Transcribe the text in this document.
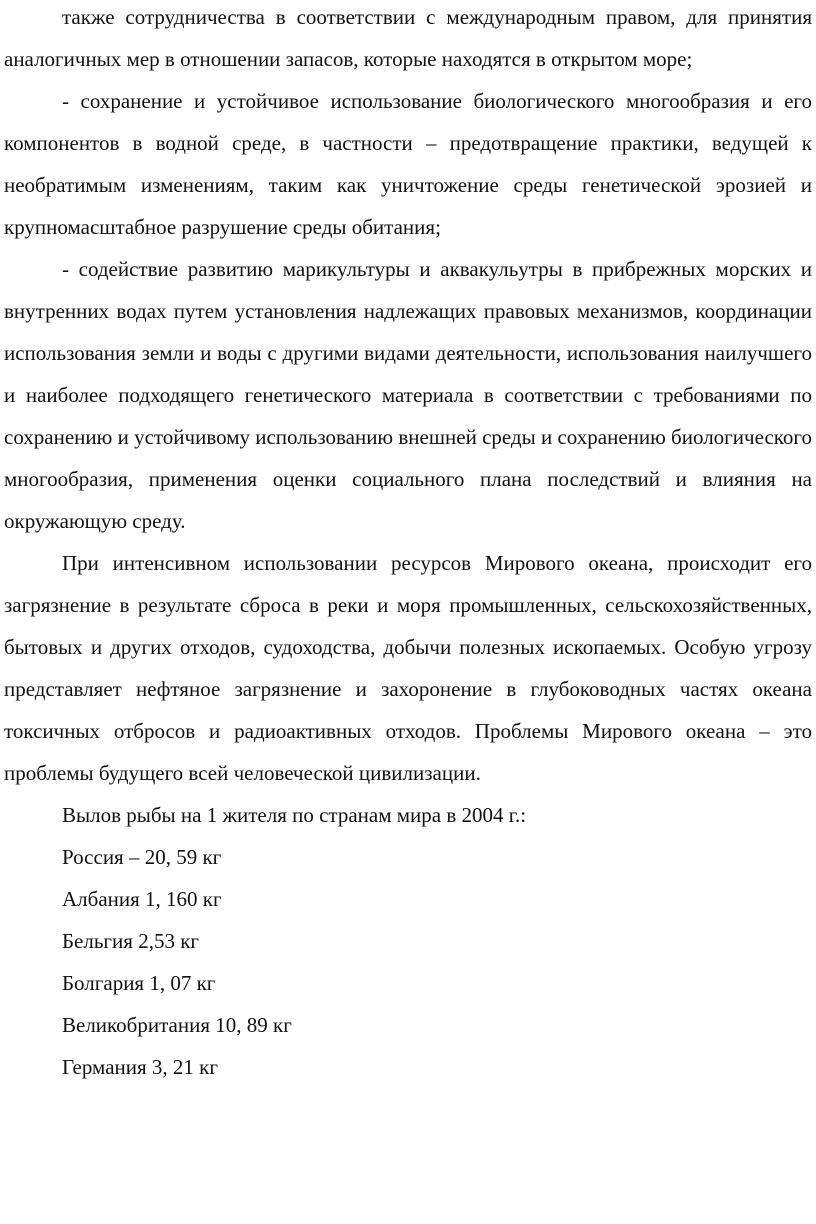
также сотрудничества в соответствии с международным правом, для принятия аналогичных мер в отношении запасов, которые находятся в открытом море;

- сохранение и устойчивое использование биологического многообразия и его компонентов в водной среде, в частности – предотвращение практики, ведущей к необратимым изменениям, таким как уничтожение среды генетической эрозией и крупномасштабное разрушение среды обитания;

- содействие развитию марикультуры и аквакульутры в прибрежных морских и внутренних водах путем установления надлежащих правовых механизмов, координации использования земли и воды с другими видами деятельности, использования наилучшего и наиболее подходящего генетического материала в соответствии с требованиями по сохранению и устойчивому использованию внешней среды и сохранению биологического многообразия, применения оценки социального плана последствий и влияния на окружающую среду.

При интенсивном использовании ресурсов Мирового океана, происходит его загрязнение в результате сброса в реки и моря промышленных, сельскохозяйственных, бытовых и других отходов, судоходства, добычи полезных ископаемых. Особую угрозу представляет нефтяное загрязнение и захоронение в глубоководных частях океана токсичных отбросов и радиоактивных отходов. Проблемы Мирового океана – это проблемы будущего всей человеческой цивилизации.

Вылов рыбы на 1 жителя по странам мира в 2004 г.:

Россия – 20, 59 кг

Албания 1, 160 кг

Бельгия 2,53 кг

Болгария 1, 07 кг

Великобритания 10, 89 кг

Германия 3, 21 кг
